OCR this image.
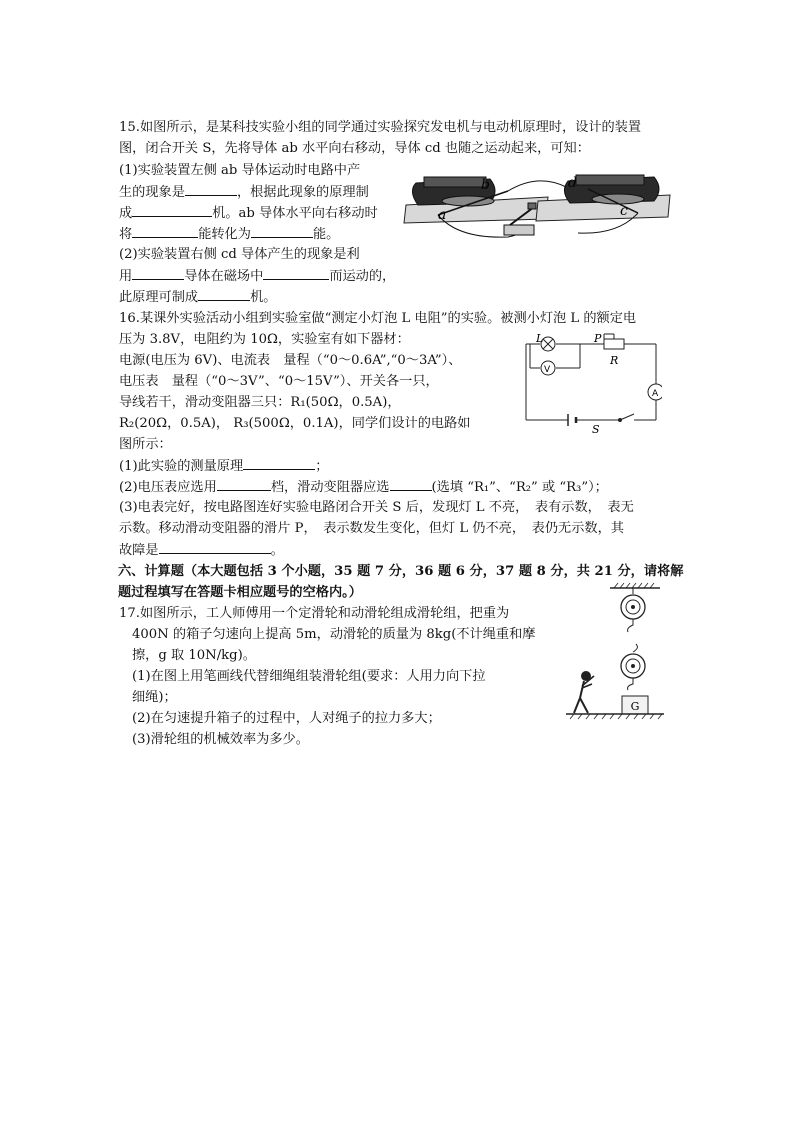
15.如图所示，是某科技实验小组的同学通过实验探究发电机与电动机原理时，设计的装置
图，闭合开关 S，先将导体 ab 水平向右移动，导体 cd 也随之运动起来，可知：
(1)实验装置左侧 ab 导体运动时电路中产
生的现象是	，根据此现象的原理制
成	机。ab 导体水平向右移动时
将	能转化为	能。
(2)实验装置右侧 cd 导体产生的现象是利
用	导体在磁场中	而运动的，
此原理可制成	机。
a
b
c
d
16.某课外实验活动小组到实验室做“测定小灯泡 L 电阻”的实验。被测小灯泡 L 的额定电
压为 3.8V，电阻约为 10Ω，实验室有如下器材：
电源(电压为 6V)、电流表　量程（“0～0.6A”,“0～3A”）、
电压表　量程（“0～3V”、“0～15V”）、开关各一只，
导线若干，滑动变阻器三只：R₁(50Ω，0.5A)，
R₂(20Ω，0.5A)， R₃(500Ω，0.1A)，同学们设计的电路如
图所示：
(1)此实验的测量原理	；
(2)电压表应选用	档，滑动变阻器应选	(选填 “R₁”、“R₂” 或 “R₃”）；
(3)电表完好，按电路图连好实验电路闭合开关 S 后，发现灯 L 不亮，　表有示数，　表无
示数。移动滑动变阻器的滑片 P，　表示数发生变化，但灯 L 仍不亮，　表仍无示数，其
故障是	。
L
V
P
R
A
S
六、计算题（本大题包括 3 个小题，35 题 7 分，36 题 6 分，37 题 8 分，共 21 分，请将解
题过程填写在答题卡相应题号的空格内。）
17.如图所示，工人师傅用一个定滑轮和动滑轮组成滑轮组，把重为
400N 的箱子匀速向上提高 5m，动滑轮的质量为 8kg(不计绳重和摩
擦，g 取 10N/kg)。
(1)在图上用笔画线代替细绳组装滑轮组(要求：人用力向下拉
细绳)；
(2)在匀速提升箱子的过程中，人对绳子的拉力多大；
(3)滑轮组的机械效率为多少。
G
